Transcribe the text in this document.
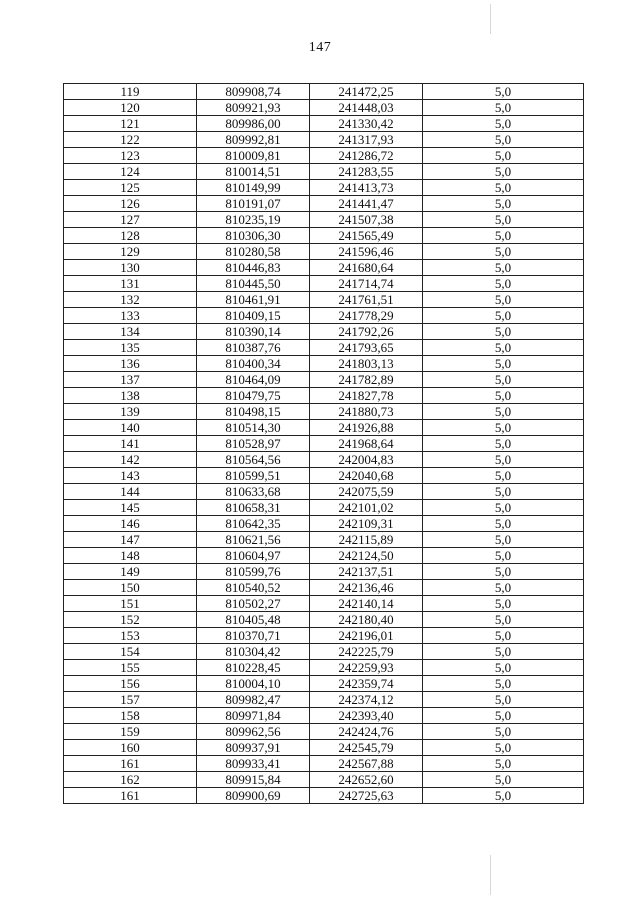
147
119	809908,74	241472,25	5,0
120	809921,93	241448,03	5,0
121	809986,00	241330,42	5,0
122	809992,81	241317,93	5,0
123	810009,81	241286,72	5,0
124	810014,51	241283,55	5,0
125	810149,99	241413,73	5,0
126	810191,07	241441,47	5,0
127	810235,19	241507,38	5,0
128	810306,30	241565,49	5,0
129	810280,58	241596,46	5,0
130	810446,83	241680,64	5,0
131	810445,50	241714,74	5,0
132	810461,91	241761,51	5,0
133	810409,15	241778,29	5,0
134	810390,14	241792,26	5,0
135	810387,76	241793,65	5,0
136	810400,34	241803,13	5,0
137	810464,09	241782,89	5,0
138	810479,75	241827,78	5,0
139	810498,15	241880,73	5,0
140	810514,30	241926,88	5,0
141	810528,97	241968,64	5,0
142	810564,56	242004,83	5,0
143	810599,51	242040,68	5,0
144	810633,68	242075,59	5,0
145	810658,31	242101,02	5,0
146	810642,35	242109,31	5,0
147	810621,56	242115,89	5,0
148	810604,97	242124,50	5,0
149	810599,76	242137,51	5,0
150	810540,52	242136,46	5,0
151	810502,27	242140,14	5,0
152	810405,48	242180,40	5,0
153	810370,71	242196,01	5,0
154	810304,42	242225,79	5,0
155	810228,45	242259,93	5,0
156	810004,10	242359,74	5,0
157	809982,47	242374,12	5,0
158	809971,84	242393,40	5,0
159	809962,56	242424,76	5,0
160	809937,91	242545,79	5,0
161	809933,41	242567,88	5,0
162	809915,84	242652,60	5,0
161	809900,69	242725,63	5,0
